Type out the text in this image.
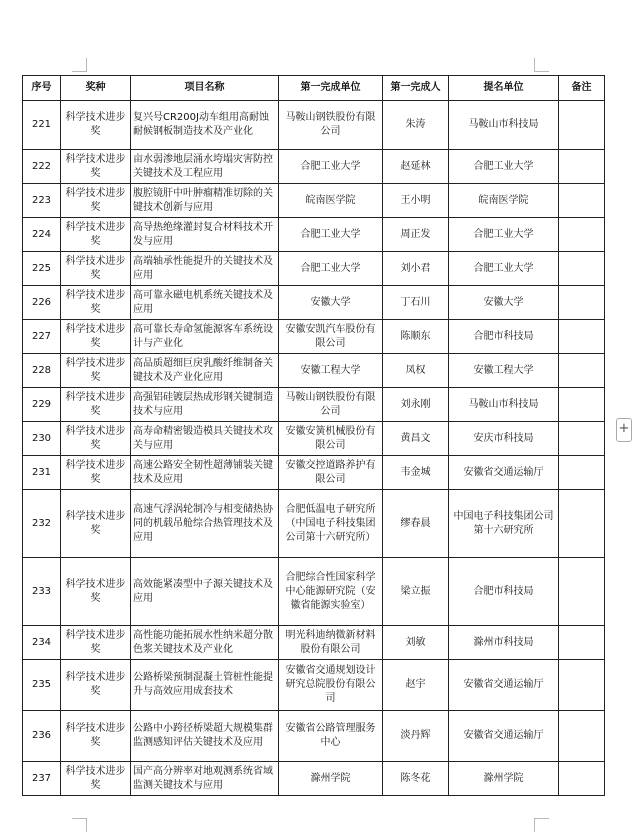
+
序号	奖种	项目名称	第一完成单位	第一完成人	提名单位	备注
221	科学技术进步奖	复兴号CR200J动车组用高耐蚀耐候钢板制造技术及产业化	马鞍山钢铁股份有限公司	朱涛	马鞍山市科技局	
222	科学技术进步奖	亩水弱渗地层涌水垮塌灾害防控关键技术及工程应用	合肥工业大学	赵延林	合肥工业大学	
223	科学技术进步奖	腹腔镜肝中叶肿瘤精准切除的关键技术创新与应用	皖南医学院	王小明	皖南医学院	
224	科学技术进步奖	高导热绝缘灌封复合材料技术开发与应用	合肥工业大学	周正发	合肥工业大学	
225	科学技术进步奖	高端轴承性能提升的关键技术及应用	合肥工业大学	刘小君	合肥工业大学	
226	科学技术进步奖	高可靠永磁电机系统关键技术及应用	安徽大学	丁石川	安徽大学	
227	科学技术进步奖	高可靠长寿命氢能源客车系统设计与产业化	安徽安凯汽车股份有限公司	陈顺东	合肥市科技局	
228	科学技术进步奖	高品质超细巨戾乳酸纤维制备关键技术及产业化应用	安徽工程大学	凤权	安徽工程大学	
229	科学技术进步奖	高强铝硅镀层热成形钢关键制造技术与应用	马鞍山钢铁股份有限公司	刘永刚	马鞍山市科技局	
230	科学技术进步奖	高寿命精密锻造模具关键技术攻关与应用	安徽安簧机械股份有限公司	黄昌文	安庆市科技局	
231	科学技术进步奖	高速公路安全韧性超薄铺装关键技术及应用	安徽交控道路养护有限公司	韦金城	安徽省交通运输厅	
232	科学技术进步奖	高速气浮涡轮制冷与相变储热协同的机载吊舱综合热管理技术及应用	合肥低温电子研究所（中国电子科技集团公司第十六研究所）	缪春晨	中国电子科技集团公司第十六研究所	
233	科学技术进步奖	高效能紧凑型中子源关键技术及应用	合肥综合性国家科学中心能源研究院（安徽省能源实验室）	梁立振	合肥市科技局	
234	科学技术进步奖	高性能功能拓展水性纳米超分散色浆关键技术及产业化	明光科迪纳微新材料股份有限公司	刘敏	滁州市科技局	
235	科学技术进步奖	公路桥梁预制混凝土管桩性能提升与高效应用成套技术	安徽省交通规划设计研究总院股份有限公司	赵宇	安徽省交通运输厅	
236	科学技术进步奖	公路中小跨径桥梁超大规模集群监测感知评估关键技术及应用	安徽省公路管理服务中心	淡丹辉	安徽省交通运输厅	
237	科学技术进步奖	国产高分辨率对地观测系统省域监测关键技术与应用	滁州学院	陈冬花	滁州学院	
